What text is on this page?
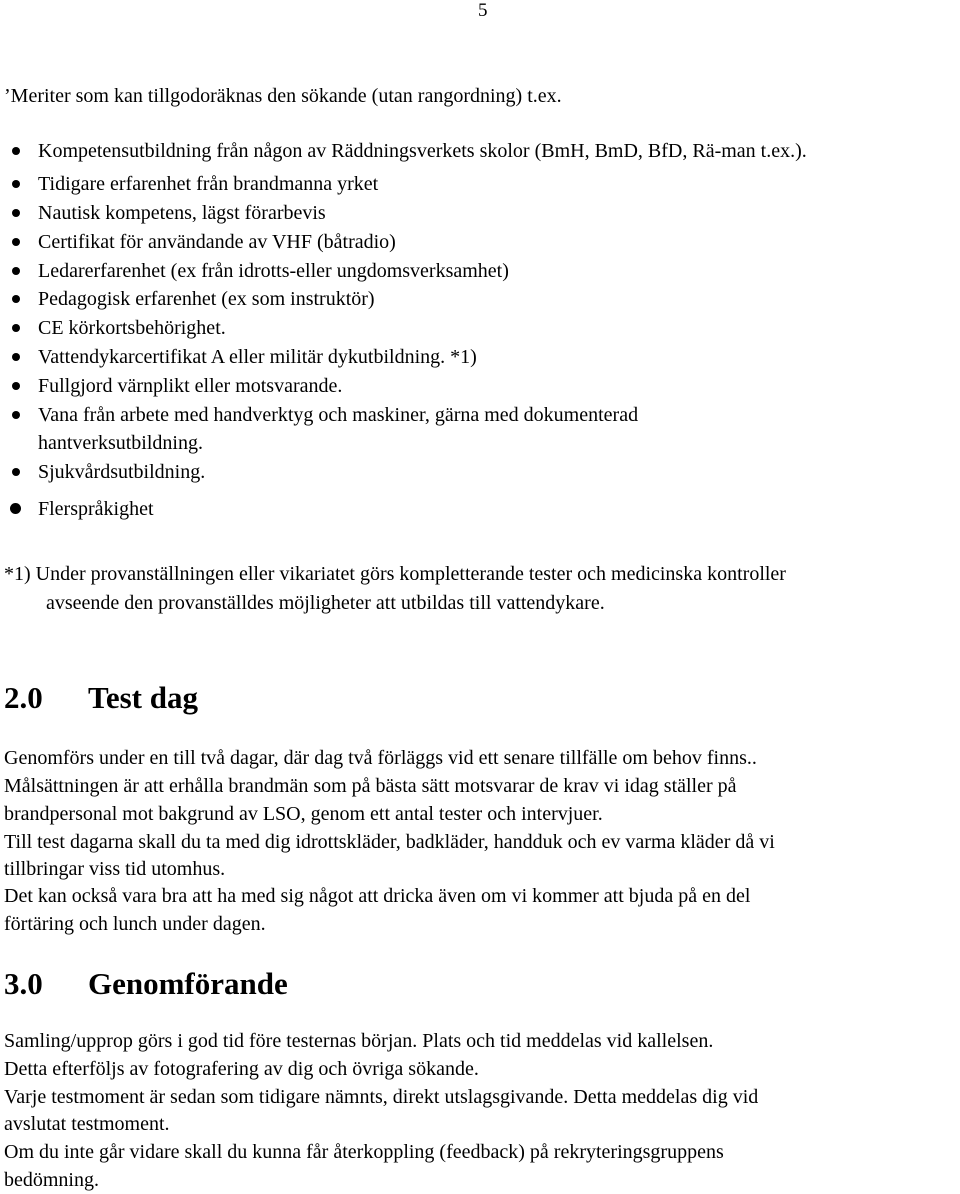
5
’Meriter som kan tillgodoräknas den sökande (utan rangordning) t.ex.
Kompetensutbildning från någon av Räddningsverkets skolor (BmH, BmD, BfD, Rä-man t.ex.).
Tidigare erfarenhet från brandmanna yrket
Nautisk kompetens, lägst förarbevis
Certifikat för användande av VHF (båtradio)
Ledarerfarenhet (ex från idrotts-eller ungdomsverksamhet)
Pedagogisk erfarenhet (ex som instruktör)
CE körkortsbehörighet.
Vattendykarcertifikat A eller militär dykutbildning. *1)
Fullgjord värnplikt eller motsvarande.
Vana från arbete med handverktyg och maskiner, gärna med dokumenterad
hantverksutbildning.
Sjukvårdsutbildning.
Flerspråkighet
*1) Under provanställningen eller vikariatet görs kompletterande tester och medicinska kontroller
avseende den provanställdes möjligheter att utbildas till vattendykare.
2.0 Test dag
Genomförs under en till två dagar, där dag två förläggs vid ett senare tillfälle om behov finns..
Målsättningen är att erhålla brandmän som på bästa sätt motsvarar de krav vi idag ställer på
brandpersonal mot bakgrund av LSO, genom ett antal tester och intervjuer.
Till test dagarna skall du ta med dig idrottskläder, badkläder, handduk och ev varma kläder då vi
tillbringar viss tid utomhus.
Det kan också vara bra att ha med sig något att dricka även om vi kommer att bjuda på en del
förtäring och lunch under dagen.
3.0 Genomförande
Samling/upprop görs i god tid före testernas början. Plats och tid meddelas vid kallelsen.
Detta efterföljs av fotografering av dig och övriga sökande.
Varje testmoment är sedan som tidigare nämnts, direkt utslagsgivande. Detta meddelas dig vid
avslutat testmoment.
Om du inte går vidare skall du kunna får återkoppling (feedback) på rekryteringsgruppens
bedömning.
